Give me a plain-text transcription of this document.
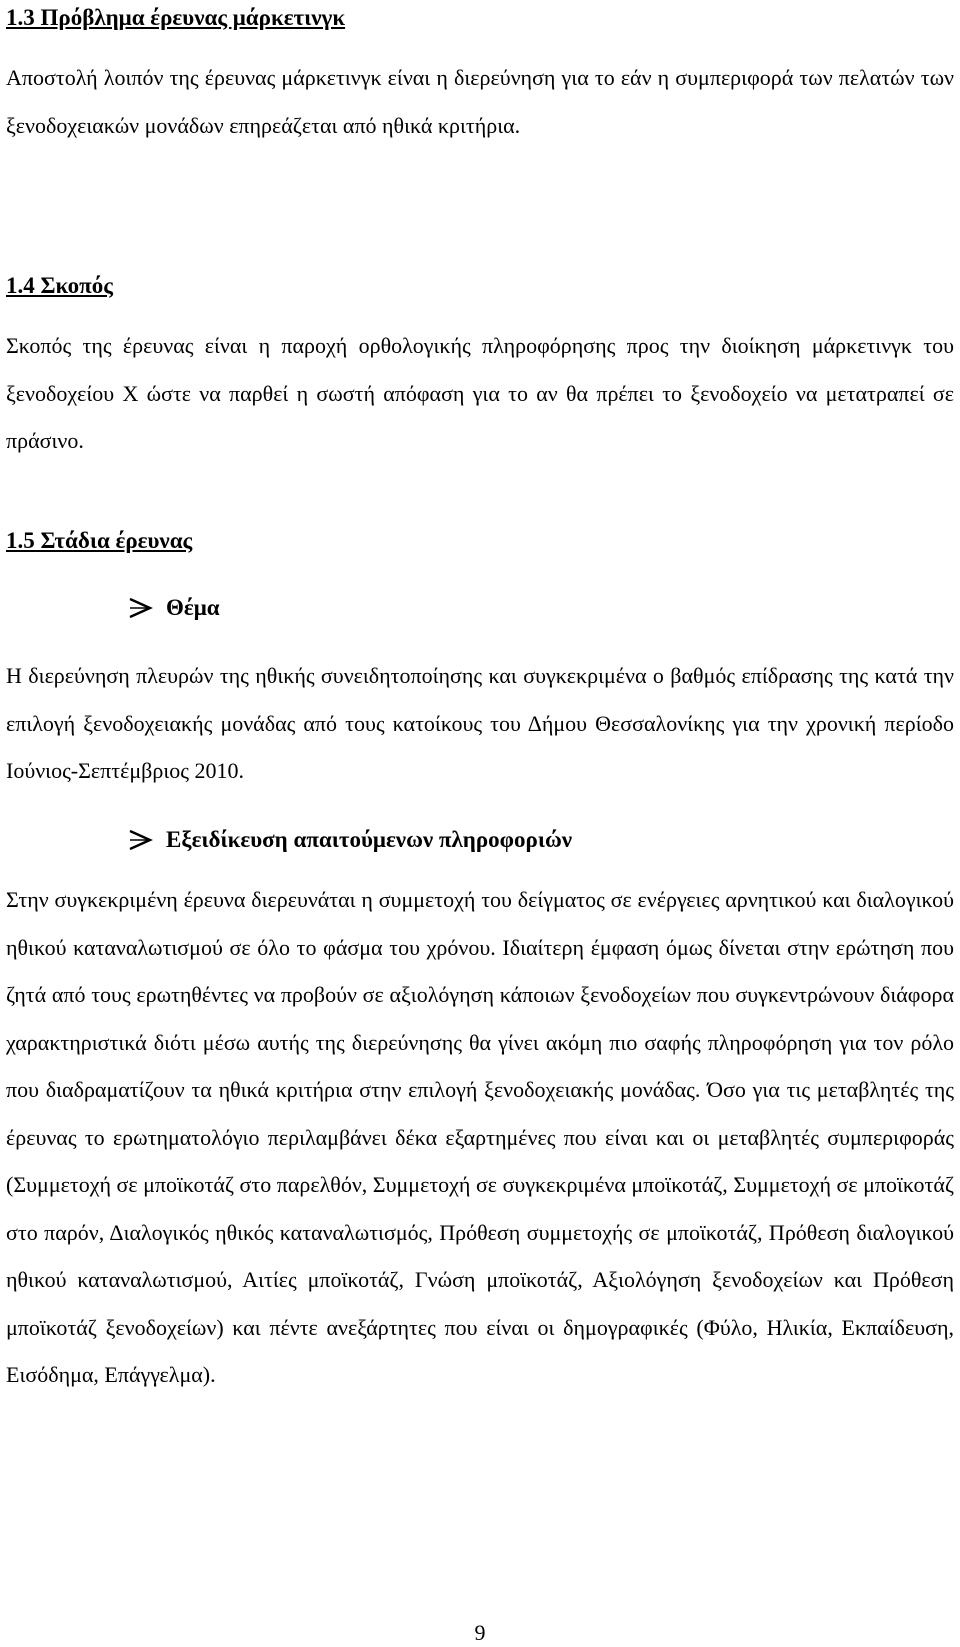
1.3 Πρόβλημα έρευνας μάρκετινγκ

Αποστολή λοιπόν της έρευνας μάρκετινγκ είναι η διερεύνηση για το εάν η συμπεριφορά των πελατών των ξενοδοχειακών μονάδων επηρεάζεται από ηθικά κριτήρια.

1.4 Σκοπός

Σκοπός της έρευνας είναι η παροχή ορθολογικής πληροφόρησης προς την διοίκηση μάρκετινγκ του ξενοδοχείου Χ ώστε να παρθεί η σωστή απόφαση για το αν θα πρέπει το ξενοδοχείο να μετατραπεί σε πράσινο.

1.5 Στάδια έρευνας
Θέμα

Η διερεύνηση πλευρών της ηθικής συνειδητοποίησης και συγκεκριμένα ο βαθμός επίδρασης της κατά την επιλογή ξενοδοχειακής μονάδας από τους κατοίκους του Δήμου Θεσσαλονίκης για την χρονική περίοδο Ιούνιος-Σεπτέμβριος 2010.

Εξειδίκευση απαιτούμενων πληροφοριών

Στην συγκεκριμένη έρευνα διερευνάται η συμμετοχή του δείγματος σε ενέργειες αρνητικού και διαλογικού ηθικού καταναλωτισμού σε όλο το φάσμα του χρόνου. Ιδιαίτερη έμφαση όμως δίνεται στην ερώτηση που ζητά από τους ερωτηθέντες να προβούν σε αξιολόγηση κάποιων ξενοδοχείων που συγκεντρώνουν διάφορα χαρακτηριστικά διότι μέσω αυτής της διερεύνησης θα γίνει ακόμη πιο σαφής πληροφόρηση για τον ρόλο που διαδραματίζουν τα ηθικά κριτήρια στην επιλογή ξενοδοχειακής μονάδας. Όσο για τις μεταβλητές της έρευνας το ερωτηματολόγιο περιλαμβάνει δέκα εξαρτημένες που είναι και οι μεταβλητές συμπεριφοράς (Συμμετοχή σε μποϊκοτάζ στο παρελθόν, Συμμετοχή σε συγκεκριμένα μποϊκοτάζ, Συμμετοχή σε μποϊκοτάζ στο παρόν, Διαλογικός ηθικός καταναλωτισμός, Πρόθεση συμμετοχής σε μποϊκοτάζ, Πρόθεση διαλογικού ηθικού καταναλωτισμού, Αιτίες μποϊκοτάζ, Γνώση μποϊκοτάζ, Αξιολόγηση ξενοδοχείων και Πρόθεση μποϊκοτάζ ξενοδοχείων) και πέντε ανεξάρτητες που είναι οι δημογραφικές (Φύλο, Ηλικία, Εκπαίδευση, Εισόδημα, Επάγγελμα).

9
